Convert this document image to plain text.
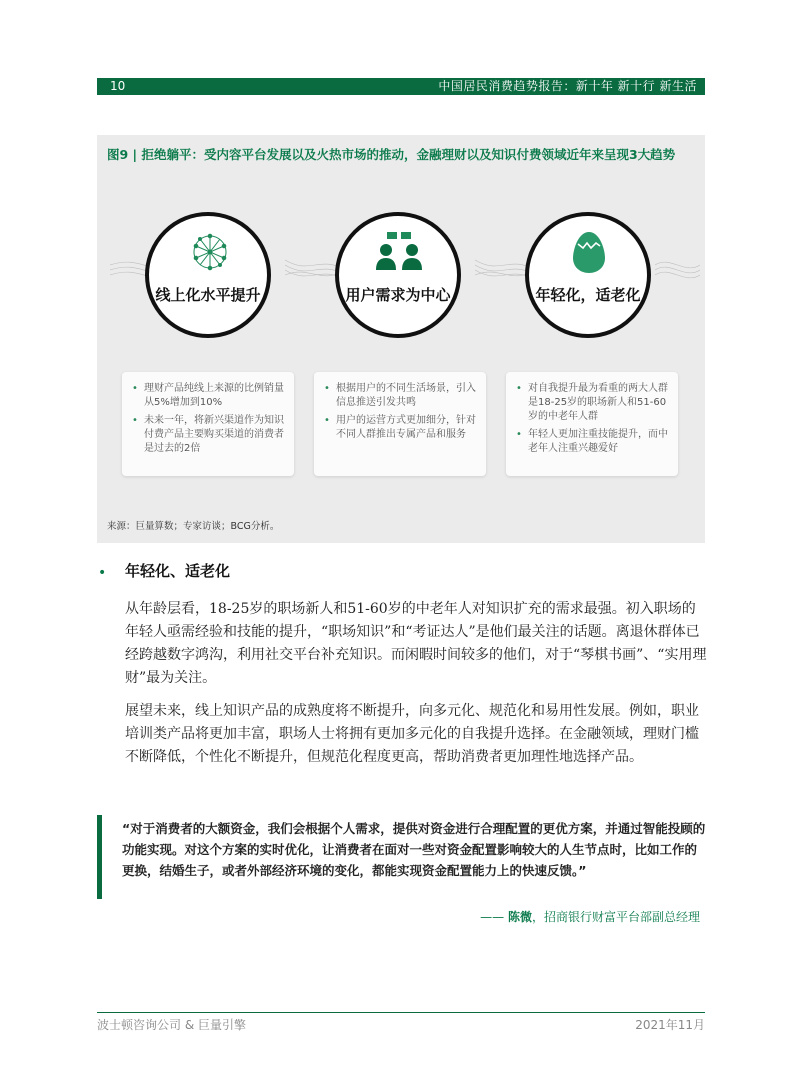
10	中国居民消费趋势报告：新十年 新十行 新生活
图9 | 拒绝躺平：受内容平台发展以及火热市场的推动，金融理财以及知识付费领域近年来呈现3大趋势
线上化水平提升	用户需求为中心	年轻化，适老化
• 理财产品纯线上来源的比例销量从5%增加到10%
• 未来一年，将新兴渠道作为知识付费产品主要购买渠道的消费者是过去的2倍
• 根据用户的不同生活场景，引入信息推送引发共鸣
• 用户的运营方式更加细分，针对不同人群推出专属产品和服务
• 对自我提升最为看重的两大人群是18-25岁的职场新人和51-60岁的中老年人群
• 年轻人更加注重技能提升，而中老年人注重兴趣爱好
来源：巨量算数；专家访谈；BCG分析。
• 年轻化、适老化
从年龄层看，18-25岁的职场新人和51-60岁的中老年人对知识扩充的需求最强。初入职场的年轻人亟需经验和技能的提升，“职场知识”和“考证达人”是他们最关注的话题。离退休群体已经跨越数字鸿沟，利用社交平台补充知识。而闲暇时间较多的他们，对于“琴棋书画”、“实用理财”最为关注。
展望未来，线上知识产品的成熟度将不断提升，向多元化、规范化和易用性发展。例如，职业培训类产品将更加丰富，职场人士将拥有更加多元化的自我提升选择。在金融领域，理财门槛不断降低，个性化不断提升，但规范化程度更高，帮助消费者更加理性地选择产品。
“对于消费者的大额资金，我们会根据个人需求，提供对资金进行合理配置的更优方案，并通过智能投顾的功能实现。对这个方案的实时优化，让消费者在面对一些对资金配置影响较大的人生节点时，比如工作的更换，结婚生子，或者外部经济环境的变化，都能实现资金配置能力上的快速反馈。”
—— 陈微，招商银行财富平台部副总经理
波士顿咨询公司 & 巨量引擎	2021年11月
